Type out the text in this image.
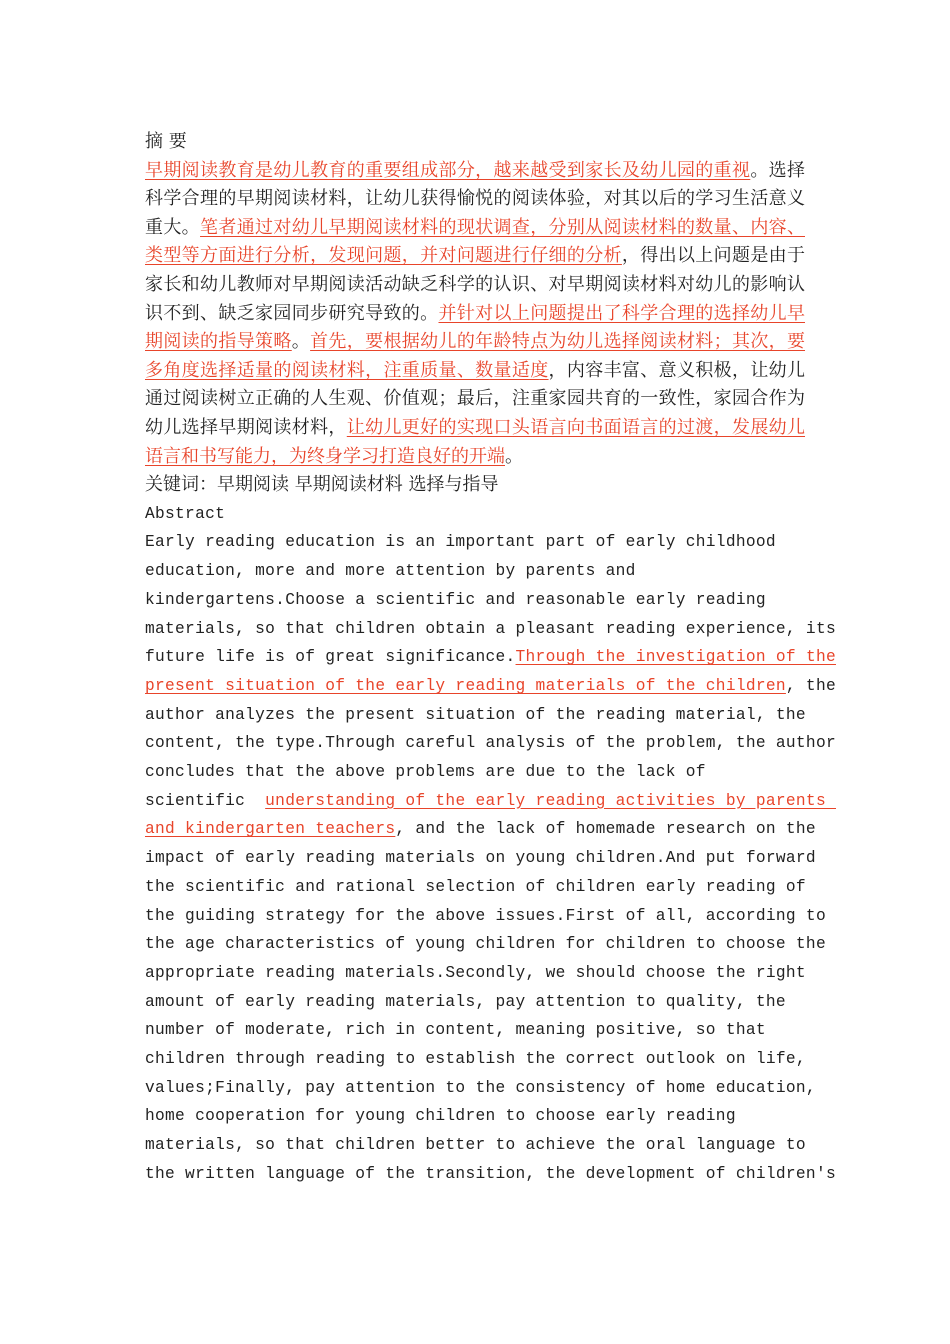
摘 要

早期阅读教育是幼儿教育的重要组成部分，越来越受到家长及幼儿园的重视。选择科学合理的早期阅读材料，让幼儿获得愉悦的阅读体验，对其以后的学习生活意义重大。笔者通过对幼儿早期阅读材料的现状调查，分别从阅读材料的数量、内容、类型等方面进行分析，发现问题，并对问题进行仔细的分析，得出以上问题是由于家长和幼儿教师对早期阅读活动缺乏科学的认识、对早期阅读材料对幼儿的影响认识不到、缺乏家园同步研究导致的。并针对以上问题提出了科学合理的选择幼儿早期阅读的指导策略。首先，要根据幼儿的年龄特点为幼儿选择阅读材料；其次，要多角度选择适量的阅读材料，注重质量、数量适度，内容丰富、意义积极，让幼儿通过阅读树立正确的人生观、价值观；最后，注重家园共育的一致性，家园合作为幼儿选择早期阅读材料，让幼儿更好的实现口头语言向书面语言的过渡，发展幼儿语言和书写能力，为终身学习打造良好的开端。

关键词：早期阅读 早期阅读材料 选择与指导

Abstract

Early reading education is an important part of early childhood

education, more and more attention by parents and

kindergartens.Choose a scientific and reasonable early reading

materials, so that children obtain a pleasant reading experience, its

future life is of great significance.Through the investigation of the

present situation of the early reading materials of the children, the

author analyzes the present situation of the reading material, the

content, the type.Through careful analysis of the problem, the author

concludes that the above problems are due to the lack of

scientific  understanding of the early reading activities by parents

and kindergarten teachers, and the lack of homemade research on the

impact of early reading materials on young children.And put forward

the scientific and rational selection of children early reading of

the guiding strategy for the above issues.First of all, according to

the age characteristics of young children for children to choose the

appropriate reading materials.Secondly, we should choose the right

amount of early reading materials, pay attention to quality, the

number of moderate, rich in content, meaning positive, so that

children through reading to establish the correct outlook on life,

values;Finally, pay attention to the consistency of home education,

home cooperation for young children to choose early reading

materials, so that children better to achieve the oral language to

the written language of the transition, the development of children's
